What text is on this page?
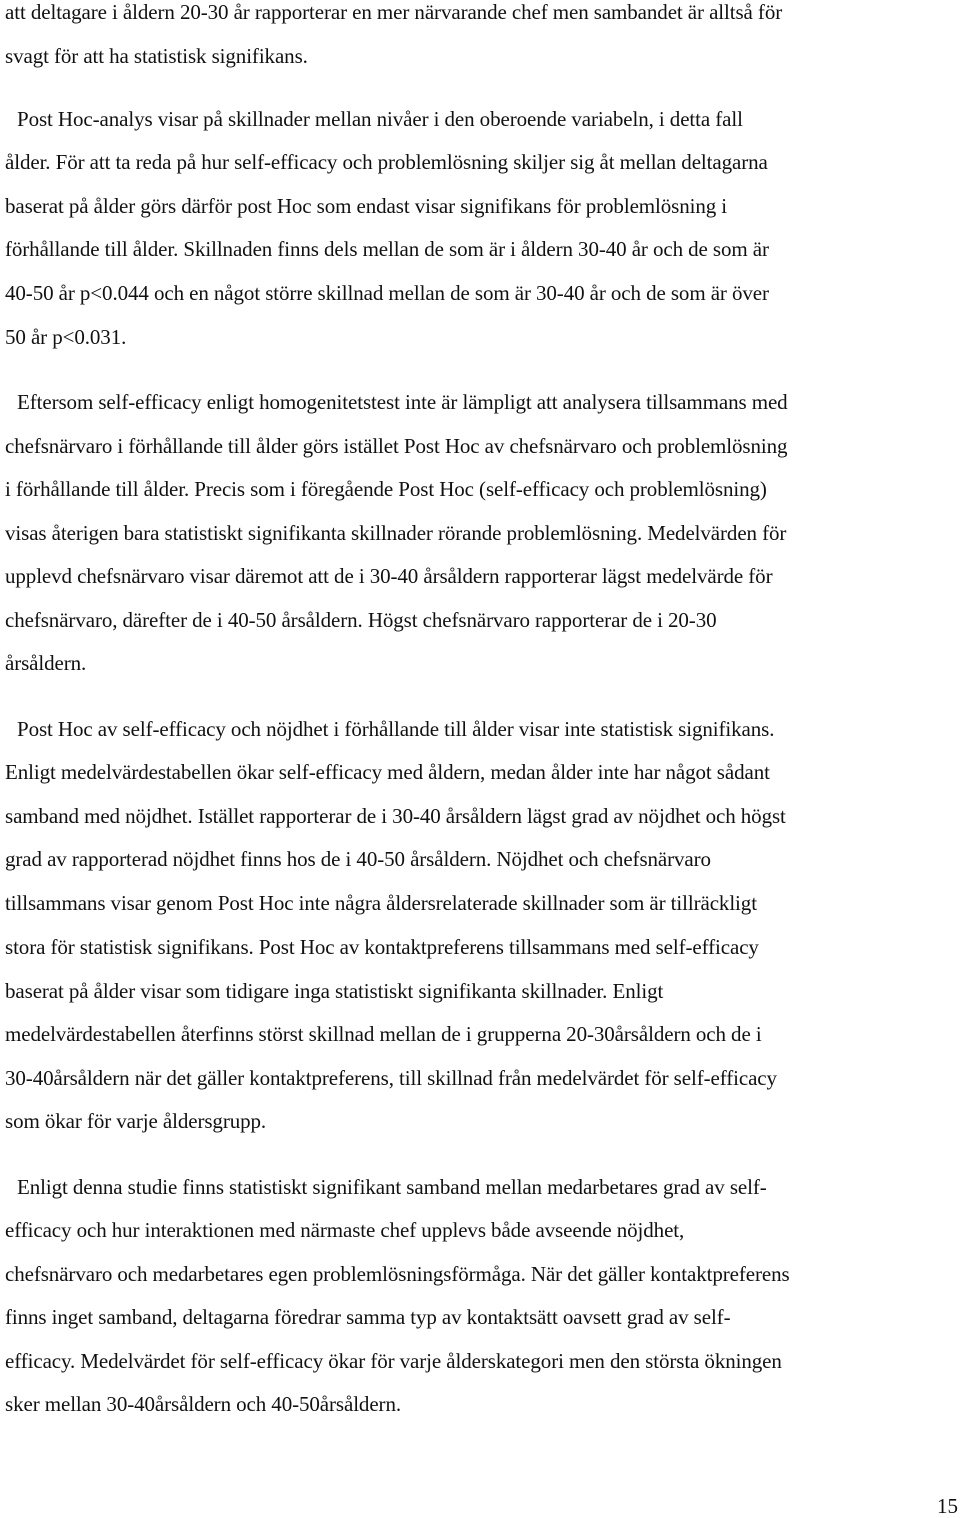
att deltagare i åldern 20-30 år rapporterar en mer närvarande chef men sambandet är alltså för
svagt för att ha statistisk signifikans.
Post Hoc-analys visar på skillnader mellan nivåer i den oberoende variabeln, i detta fall
ålder. För att ta reda på hur self-efficacy och problemlösning skiljer sig åt mellan deltagarna
baserat på ålder görs därför post Hoc som endast visar signifikans för problemlösning i
förhållande till ålder. Skillnaden finns dels mellan de som är i åldern 30-40 år och de som är
40-50 år p<0.044 och en något större skillnad mellan de som är 30-40 år och de som är över
50 år p<0.031.
Eftersom self-efficacy enligt homogenitetstest inte är lämpligt att analysera tillsammans med
chefsnärvaro i förhållande till ålder görs istället Post Hoc av chefsnärvaro och problemlösning
i förhållande till ålder. Precis som i föregående Post Hoc (self-efficacy och problemlösning)
visas återigen bara statistiskt signifikanta skillnader rörande problemlösning. Medelvärden för
upplevd chefsnärvaro visar däremot att de i 30-40 årsåldern rapporterar lägst medelvärde för
chefsnärvaro, därefter de i 40-50 årsåldern. Högst chefsnärvaro rapporterar de i 20-30
årsåldern.
Post Hoc av self-efficacy och nöjdhet i förhållande till ålder visar inte statistisk signifikans.
Enligt medelvärdestabellen ökar self-efficacy med åldern, medan ålder inte har något sådant
samband med nöjdhet. Istället rapporterar de i 30-40 årsåldern lägst grad av nöjdhet och högst
grad av rapporterad nöjdhet finns hos de i 40-50 årsåldern. Nöjdhet och chefsnärvaro
tillsammans visar genom Post Hoc inte några åldersrelaterade skillnader som är tillräckligt
stora för statistisk signifikans. Post Hoc av kontaktpreferens tillsammans med self-efficacy
baserat på ålder visar som tidigare inga statistiskt signifikanta skillnader. Enligt
medelvärdestabellen återfinns störst skillnad mellan de i grupperna 20-30årsåldern och de i
30-40årsåldern när det gäller kontaktpreferens, till skillnad från medelvärdet för self-efficacy
som ökar för varje åldersgrupp.
Enligt denna studie finns statistiskt signifikant samband mellan medarbetares grad av self-
efficacy och hur interaktionen med närmaste chef upplevs både avseende nöjdhet,
chefsnärvaro och medarbetares egen problemlösningsförmåga. När det gäller kontaktpreferens
finns inget samband, deltagarna föredrar samma typ av kontaktsätt oavsett grad av self-
efficacy. Medelvärdet för self-efficacy ökar för varje ålderskategori men den största ökningen
sker mellan 30-40årsåldern och 40-50årsåldern.
15
